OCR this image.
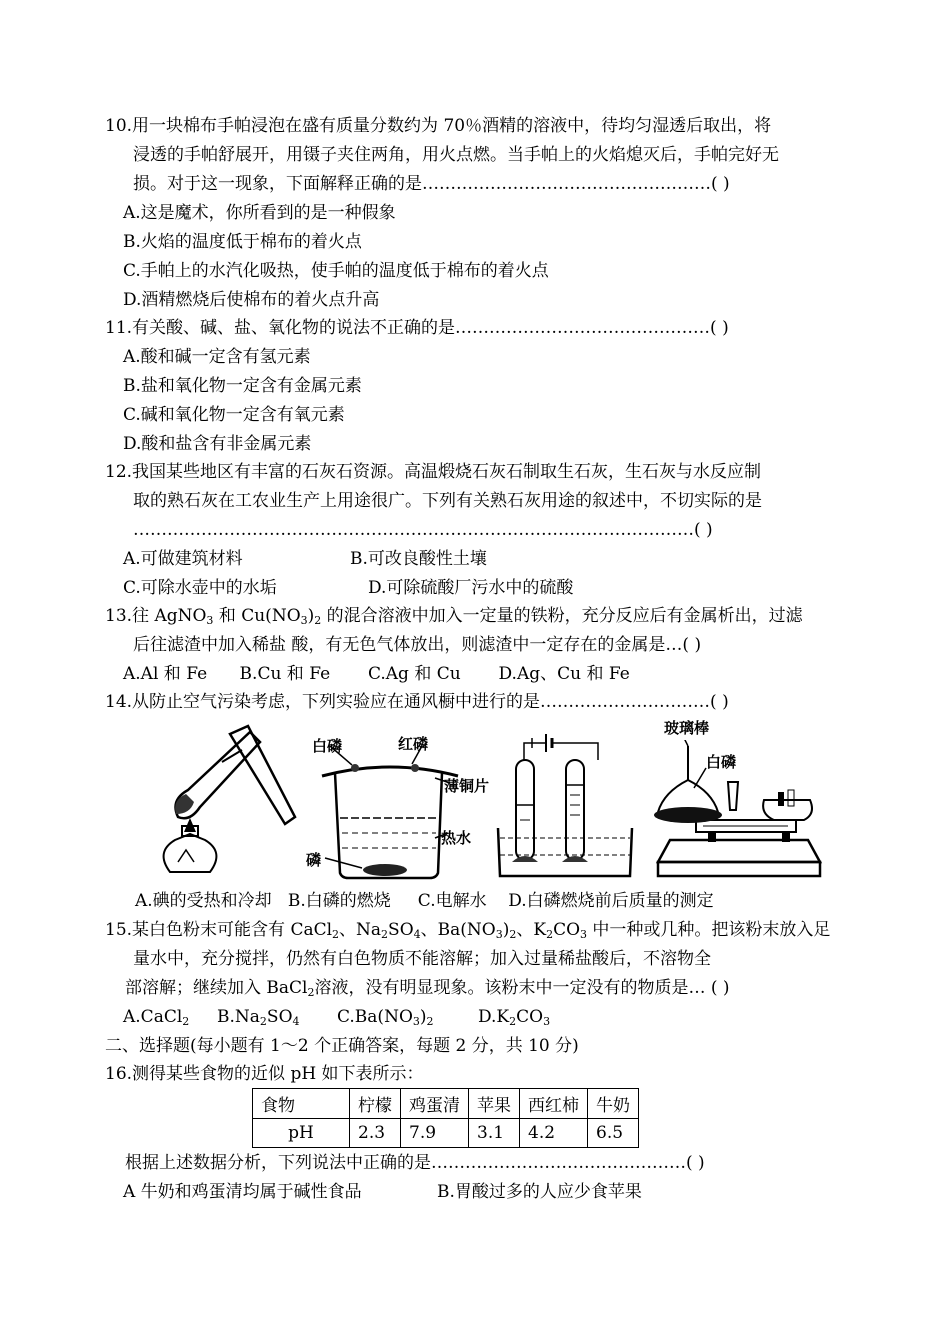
10.用一块棉布手帕浸泡在盛有质量分数约为 70％酒精的溶液中，待均匀湿透后取出，将
浸透的手帕舒展开，用镊子夹住两角，用火点燃。当手帕上的火焰熄灭后，手帕完好无
损。对于这一现象，下面解释正确的是……………………………………………( )
A.这是魔术，你所看到的是一种假象
B.火焰的温度低于棉布的着火点
C.手帕上的水汽化吸热，使手帕的温度低于棉布的着火点
D.酒精燃烧后使棉布的着火点升高
11.有关酸、碱、盐、氧化物的说法不正确的是………………………………………( )
A.酸和碱一定含有氢元素
B.盐和氧化物一定含有金属元素
C.碱和氧化物一定含有氧元素
D.酸和盐含有非金属元素
12.我国某些地区有丰富的石灰石资源。高温煅烧石灰石制取生石灰，生石灰与水反应制
取的熟石灰在工农业生产上用途很广。下列有关熟石灰用途的叙述中，不切实际的是
………………………………………………………………………………………( )
A.可做建筑材料	B.可改良酸性土壤
C.可除水壶中的水垢	D.可除硫酸厂污水中的硫酸
13.往 AgNO$_3$ 和 $Cu(NO_3)_2$ 的混合溶液中加入一定量的铁粉，充分反应后有金属析出，过滤
后往滤渣中加入稀盐 酸，有无色气体放出，则滤渣中一定存在的金属是…( )
A.Al 和 Fe      B.Cu 和 Fe       C.Ag 和 Cu       D.Ag、Cu 和 Fe
14.从防止空气污染考虑，下列实验应在通风橱中进行的是…………………………( )
白磷	红磷
薄铜片
热水
磷
玻璃棒
白磷
A.碘的受热和冷却   B.白磷的燃烧     C.电解水    D.白磷燃烧前后质量的测定
15.某白色粉末可能含有 CaCl$_2$、$Na_2SO_4$、$Ba(NO_3)_2$、$K_2CO_3$ 中一种或几种。把该粉末放入足
量水中，充分搅拌，仍然有白色物质不能溶解；加入过量稀盐酸后，不溶物全
部溶解；继续加入 BaCl$_2$溶液，没有明显现象。该粉末中一定没有的物质是… ( )
A.CaCl$_2$ $B.Na_2SO_4$ $C.Ba(NO_3)_2$	$D.K_2CO_3$
二、选择题(每小题有 1～2 个正确答案，每题 2 分，共 10 分)
16.测得某些食物的近似 pH 如下表所示：
食物	柠檬	鸡蛋清	苹果	西红柿	牛奶
pH	2.3	7.9	3.1	4.2	6.5
根据上述数据分析，下列说法中正确的是………………………………………( )
A 牛奶和鸡蛋清均属于碱性食品	B.胃酸过多的人应少食苹果
